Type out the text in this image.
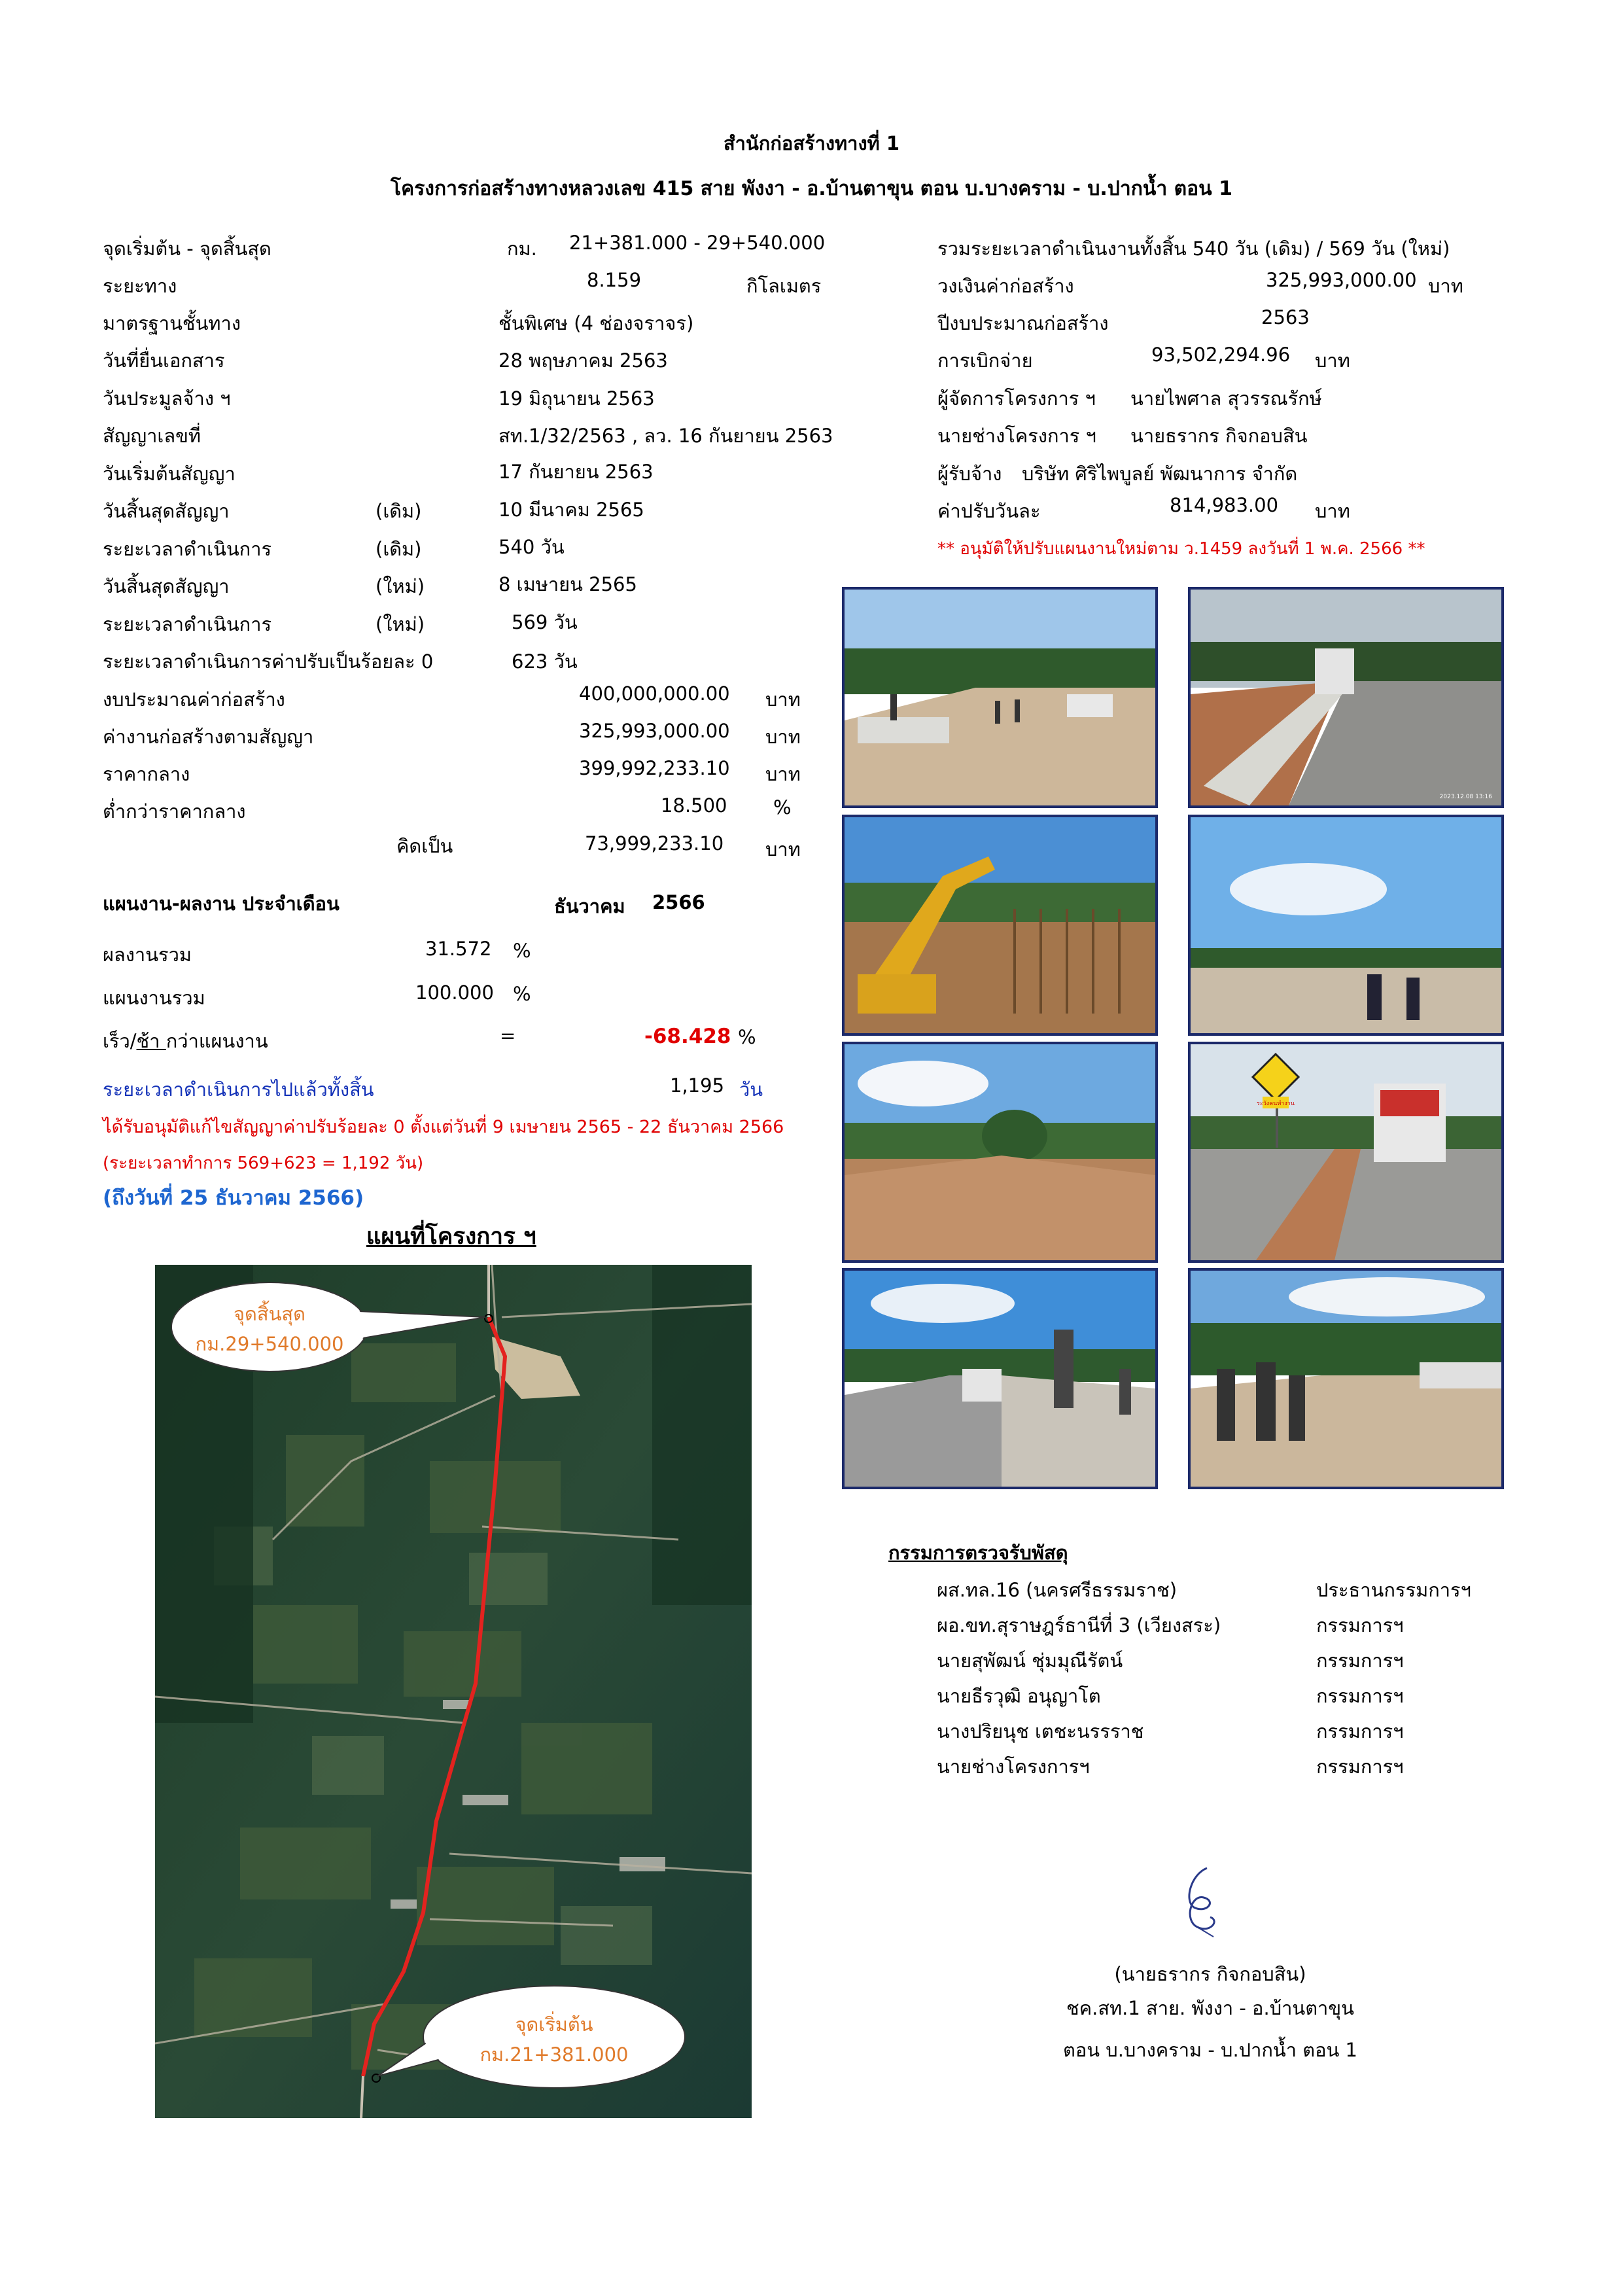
สำนักก่อสร้างทางที่ 1
โครงการก่อสร้างทางหลวงเลข 415 สาย พังงา - อ.บ้านตาขุน ตอน บ.บางคราม - บ.ปากน้ำ ตอน 1
จุดเริ่มต้น - จุดสิ้นสุด	กม. 21+381.000 - 29+540.000
ระยะทาง	8.159	กิโลเมตร
มาตรฐานชั้นทาง	ชั้นพิเศษ (4 ช่องจราจร)
วันที่ยื่นเอกสาร	28 พฤษภาคม 2563
วันประมูลจ้าง ฯ	19 มิถุนายน 2563
สัญญาเลขที่	สท.1/32/2563 , ลว. 16 กันยายน 2563
วันเริ่มต้นสัญญา	17 กันยายน 2563
วันสิ้นสุดสัญญา	(เดิม)	10 มีนาคม 2565
ระยะเวลาดำเนินการ	(เดิม)	540 วัน
วันสิ้นสุดสัญญา	(ใหม่)	8 เมษายน 2565
ระยะเวลาดำเนินการ	(ใหม่)	569 วัน
ระยะเวลาดำเนินการค่าปรับเป็นร้อยละ 0	623 วัน
งบประมาณค่าก่อสร้าง	400,000,000.00 บาท
ค่างานก่อสร้างตามสัญญา	325,993,000.00 บาท
ราคากลาง	399,992,233.10 บาท
ต่ำกว่าราคากลาง	18.500 %
คิดเป็น	73,999,233.10 บาท
รวมระยะเวลาดำเนินงานทั้งสิ้น 540 วัน (เดิม) / 569 วัน (ใหม่)
วงเงินค่าก่อสร้าง	325,993,000.00 บาท
ปีงบประมาณก่อสร้าง	2563
การเบิกจ่าย	93,502,294.96 บาท
ผู้จัดการโครงการ ฯ นายไพศาล สุวรรณรักษ์
นายช่างโครงการ ฯ นายธรากร กิจกอบสิน
ผู้รับจ้าง บริษัท ศิริไพบูลย์ พัฒนาการ จำกัด
ค่าปรับวันละ	814,983.00 บาท
** อนุมัติให้ปรับแผนงานใหม่ตาม ว.1459 ลงวันที่ 1 พ.ค. 2566 **
แผนงาน-ผลงาน ประจำเดือน	ธันวาคม 2566
ผลงานรวม	31.572 %
แผนงานรวม	100.000 %
เร็ว/ช้า กว่าแผนงาน	=	-68.428 %
ระยะเวลาดำเนินการไปแล้วทั้งสิ้น	1,195 วัน
ได้รับอนุมัติแก้ไขสัญญาค่าปรับร้อยละ 0 ตั้งแต่วันที่ 9 เมษายน 2565 - 22 ธันวาคม 2566
(ระยะเวลาทำการ 569+623 = 1,192 วัน)
(ถึงวันที่ 25 ธันวาคม 2566)
แผนที่โครงการ ฯ
จุดสิ้นสุด
กม.29+540.000
จุดเริ่มต้น
กม.21+381.000
2023.12.08 13:16
ระวังคนทำงาน
กรรมการตรวจรับพัสดุ
ผส.ทล.16 (นครศรีธรรมราช)	ประธานกรรมการฯ
ผอ.ขท.สุราษฎร์ธานีที่ 3 (เวียงสระ)	กรรมการฯ
นายสุพัฒน์ ชุ่มมุณีรัตน์	กรรมการฯ
นายธีรวุฒิ อนุญาโต	กรรมการฯ
นางปริยนุช เตชะนรรราช	กรรมการฯ
นายช่างโครงการฯ	กรรมการฯ
(นายธรากร กิจกอบสิน)
ชค.สท.1 สาย. พังงา - อ.บ้านตาขุน
ตอน บ.บางคราม - บ.ปากน้ำ ตอน 1
